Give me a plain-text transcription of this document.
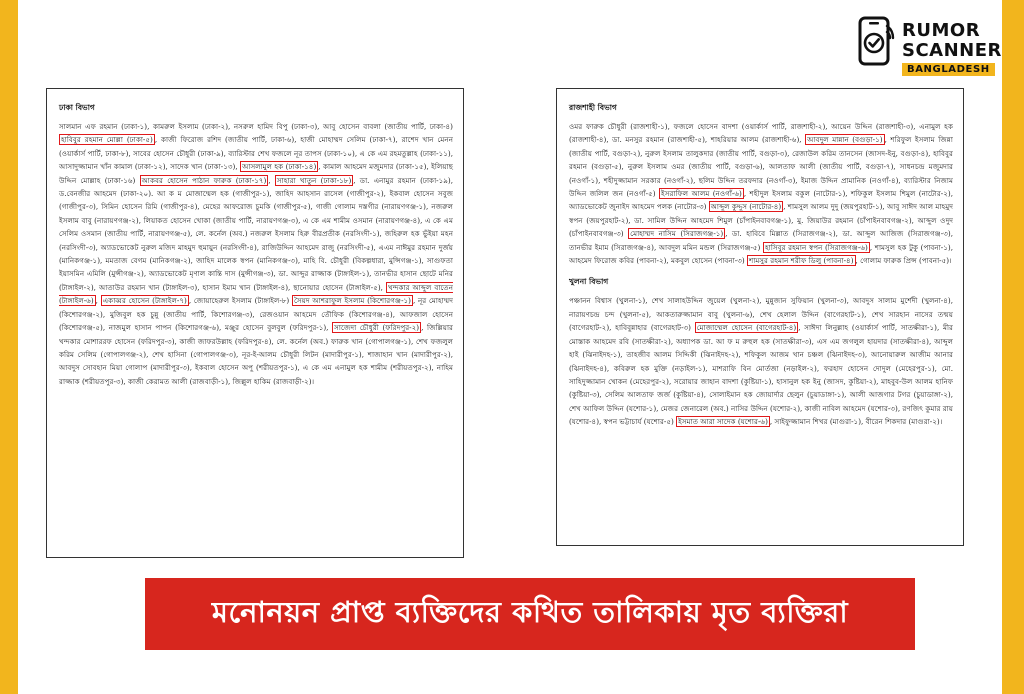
RUMOR
SCANNER
BANGLADESH
ঢাকা বিভাগ
সালমান এফ রহমান (ঢাকা-১), কামরুল ইসলাম (ঢাকা-২), নসরুল হামিদ বিপু (ঢাকা-৩), আবু হোসেন বাবলা (জাতীয় পার্টি, ঢাকা-৪) হাবিবুর রহমান মোল্লা (ঢাকা-৫) , কাজী ফিরোজ রশিদ (জাতীয় পার্টি, ঢাকা-৬), হাজী মোহাম্মদ সেলিম (ঢাকা-৭), রাশেদ খান মেনন (ওয়ার্কার্স পার্টি, ঢাকা-৮), সাবের হোসেন চৌধুরী (ঢাকা-৯), ব্যারিস্টার শেখ ফজলে নূর তাপস (ঢাকা-১০), এ কে এম রহমতুল্লাহ (ঢাকা-১১), আসাদুজ্জামান খাঁন কামাল (ঢাকা-১২), সাদেক খান (ঢাকা-১৩), আসলামুল হক (ঢাকা-১৪) , কামাল আহমেদ মজুমদার (ঢাকা-১৫), ইলিয়াছ উদ্দিন মোল্লাহ (ঢাকা-১৬) আকবর হোসেন পাঠান ফারুক (ঢাকা-১৭) , সাহারা খাতুন (ঢাকা-১৮) , ডা. এনামুর রহমান (ঢাকা-১৯), ড.বেনজীর আহমেদ (ঢাকা-২০). আ ক ম মোজাম্মেল হক (গাজীপুর-১), জাহিদ আহসান রাসেল (গাজীপুর-২), ইকবাল হোসেন সবুজ (গাজীপুর-৩), সিমিন হোসেন রিমি (গাজীপুর-৪), মেহের আফরোজ চুমকি (গাজীপুর-৫), গাজী গোলাম দস্তগীর (নারায়ণগঞ্জ-১), নজরুল ইসলাম বাবু (নারায়ণগঞ্জ-২), লিয়াকত হোসেন খোকা (জাতীয় পার্টি, নারায়ণগঞ্জ-৩), এ কে এম শামীম ওসমান (নারায়ণগঞ্জ-৪), এ কে এম সেলিম ওসমান (জাতীয় পার্টি, নারায়ণগঞ্জ-৫), লে. কর্নেল (অব.) নজরুল ইসলাম হিরু বীরপ্রতীক (নরসিংদী-১), জহিরুল হক ভুঁইয়া মহন (নরসিংদী-৩), অ্যাডভোকেট নুরুল মজিদ মাহমুদ হুমায়ুন (নরসিংদী-৪), রাজিউদ্দিন আহমেদ রাজু (নরসিংদী-৫), এএম নাঈমুর রহমান দুর্জয় (মানিকগঞ্জ-১), মমতাজ বেগম (মানিকগঞ্জ-২), জাহিদ মালেক স্বপন (মানিকগঞ্জ-৩), মাহি বি. চৌধুরী (বিকল্পধারা, মুন্সিগঞ্জ-১), সাগুফতা ইয়াসমিন এমিলি (মুন্সীগঞ্জ-২), অ্যাডভোকেট মৃণাল কান্তি দাস (মুন্সীগঞ্জ-৩), ডা. আব্দুর রাজ্জাক (টাঙ্গাইল-১), তানভীর হাসান ছোটে মনির (টাঙ্গাইল-২), আতাউর রহমান খান (টাঙ্গাইল-৩), হাসান ইমাম খান (টাঙ্গাইল-৪), ছানোয়ার হোসেন (টাঙ্গাইল-৫), খন্দকার আব্দুল বাতেন (টাঙ্গাইল-৬) , একাব্বর হোসেন (টাঙ্গাইল-৭) , জোয়াহেরুল ইসলাম (টাঙ্গাইল-৮) সৈয়দ আশরাফুল ইসলাম (কিশোরগঞ্জ-১) , নূর মোহাম্মদ (কিশোরগঞ্জ-২), মুজিবুল হক চুন্নু (জাতীয় পার্টি, কিশোরগঞ্জ-৩), রেজওয়ান আহমেদ তৌফিক (কিশোরগঞ্জ-৪), আফজাল হোসেন (কিশোরগঞ্জ-৫), নাজমুল হাসান পাপন (কিশোরগঞ্জ-৬), মঞ্জুর হোসেন বুলবুল (ফরিদপুর-১), সাজেদা চৌধুরী (ফরিদপুর-২) , জিল্লিয়ার খন্দকার মোশাররফ হোসেন (ফরিদপুর-৩), কাজী জাফরউল্লাহ (ফরিদপুর-৪), লে. কর্নেল (অব.) ফারুক খান (গোপালগঞ্জ-১), শেখ ফজলুল করিম সেলিম (গোপালগঞ্জ-২), শেখ হাসিনা (গোপালগঞ্জ-৩), নূর-ই-আলম চৌধুরী লিটন (মাদারীপুর-১), শাজাহান খান (মাদারীপুর-২), আবদুস সোবহান মিয়া গোলাপ (মাদারীপুর-৩), ইকবাল হোসেন অপু (শরীয়তপুর-১), এ কে এম এনামুল হক শামীম (শরীয়তপুর-২), নাহিম রাজ্জাক (শরীয়তপুর-৩), কাজী কেরামত আলী (রাজবাড়ী-১), জিল্লুল হাকিম (রাজবাড়ী-২)।
রাজশাহী বিভাগ
ওমর ফারুক চৌধুরী (রাজশাহী-১), ফজলে হোসেন বাদশা (ওয়ার্কার্স পার্টি, রাজশাহী-২), আয়েন উদ্দিন (রাজশাহী-৩), এনামুল হক (রাজশাহী-৪), ডা. মনসুর রহমান (রাজশাহী-৫), শাহরিয়ার আলম (রাজশাহী-৬), আবদুল মান্নান (বগুড়া-১) , শরিফুল ইসলাম জিন্না (জাতীয় পার্টি, বগুড়া-২), নুরুল ইসলাম তালুকদার (জাতীয় পার্টি, বগুড়া-৩), রেজাউল করিম তানসেন (জাসদ-ইনু, বগুড়া-৪), হাবিবুর রহমান (বগুড়া-৫), নুরুল ইসলাম ওমর (জাতীয় পার্টি, বগুড়া-৬), আলতাফ আলী (জাতীয় পার্টি, বগুড়া-৭), সাধনচন্দ্র মজুমদার (নওগাঁ-১), শহীদুজ্জামান সরকার (নওগাঁ-২), ছলিম উদ্দিন তরফদার (নওগাঁ-৩), ইমাজ উদ্দিন প্রামানিক (নওগাঁ-৪), ব্যারিস্টার নিজাম উদ্দিন জলিল জন (নওগাঁ-৫) ইসরাফিল আলম (নওগাঁ-৬) , শহীদুল ইসলাম বকুল (নাটোর-১), শফিকুল ইসলাম শিমুল (নাটোর-২), অ্যাডভোকেট জুনাইদ আহমেদ পলক (নাটোর-৩) আব্দুল কুদ্দুস (নাটোর-৪) , শামসুল আলম দুদু (জয়পুরহাট-১), আবু সাঈদ আল মাহমুদ স্বপন (জয়পুরহাট-২), ডা. সামিল উদ্দিন আহমেদ শিমুল (চাঁপাইনবাবগঞ্জ-১), মু. জিয়াউর রহমান (চাঁপাইনবাবগঞ্জ-২), আব্দুল ওদুদ (চাঁপাইনবাবগঞ্জ-৩) মোহাম্মদ নাসিম (সিরাজগঞ্জ-১) , ডা. হাবিবে মিল্লাত (সিরাজগঞ্জ-২), ডা. আব্দুল আজিজ (সিরাজগঞ্জ-৩), তানভীর ইমাম (সিরাজগঞ্জ-৪), আবদুল মমিন মন্ডল (সিরাজগঞ্জ-৫) হাসিবুর রহমান স্বপন (সিরাজগঞ্জ-৬) , শামসুল হক টুকু (পাবনা-১), আহমেদ ফিরোজ কবির (পাবনা-২), মকবুল হোসেন (পাবনা-৩) শামসুর রহমান শরীফ ডিলু (পাবনা-৪) , গোলাম ফারুক প্রিন্স (পাবনা-৫)।
খুলনা বিভাগ
পঞ্চানন বিশ্বাস (খুলনা-১), শেখ সালাহউদ্দিন জুয়েল (খুলনা-২), মুন্নুজান সুফিয়ান (খুলনা-৩), আবদুস সালাম মুর্শেদী (খুলনা-৪), নারায়ণচন্দ্র চন্দ (খুলনা-৫), আকতারুজ্জামান বাবু (খুলনা-৬), শেখ হেলাল উদ্দিন (বাগেরহাট-১), শেখ সারহান নাসের তন্ময় (বাগেরহাট-২), হাবিবুন্নাহার (বাগেরহাট-৩) মোজাম্মেল হোসেন (বাগেরহাট-৪) , সাঈদা লিনুল্লাহ (ওয়ার্কার্স পার্টি, সাতক্ষীরা-১), মীর মোস্তাক আহমেদ রবি (সাতক্ষীরা-২), অধ্যাপক ডা. আ ফ ম রুহুল হক (সাতক্ষীরা-৩), এস এম জগলুল হায়দার (সাতক্ষীরা-৪), আব্দুল হাই (ঝিনাইদহ-১), তাহজীব আলম সিদ্দিকী (ঝিনাইদহ-২), শফিকুল আজম খান চঞ্চল (ঝিনাইদহ-৩), আনোয়ারুল আজীম আনার (ঝিনাইদহ-৪), কবিরুল হক মুক্তি (নড়াইল-১), মাশরাফি বিন মোর্তজা (নড়াইল-২), ফরহাদ হোসেন দোদুল (মেহেরপুর-১), মো. সাহিদুজ্জামান খোকন (মেহেরপুর-২), সরোয়ার জাহান বাদশা (কুষ্টিয়া-১), হাসানুল হক ইনু (জাসদ, কুষ্টিয়া-২), মাহবুব-উল আলম হানিফ (কুষ্টিয়া-৩), সেলিম আলতাফ জর্জ (কুষ্টিয়া-৪), সোলাইমান হক জোয়ার্দার ছেলুন (চুয়াডাঙ্গা-১), আলী আজগার টগর (চুয়াডাঙ্গা-২), শেখ আফিল উদ্দিন (যশোর-১), মেজর জেনারেল (অব.) নাসির উদ্দিন (যশোর-২), কাজী নাবিল আহমেদ (যশোর-৩), রণজিৎ কুমার রায় (যশোর-৪), স্বপন ভট্টাচার্য (যশোর-৫) ইসমাত আরা সাদেক (যশোর-৬) , সাইফুজ্জামান শিখর (মাগুরা-১), বীরেন শিকদার (মাগুরা-২)।
মনোনয়ন প্রাপ্ত ব্যক্তিদের কথিত তালিকায় মৃত ব্যক্তিরা
